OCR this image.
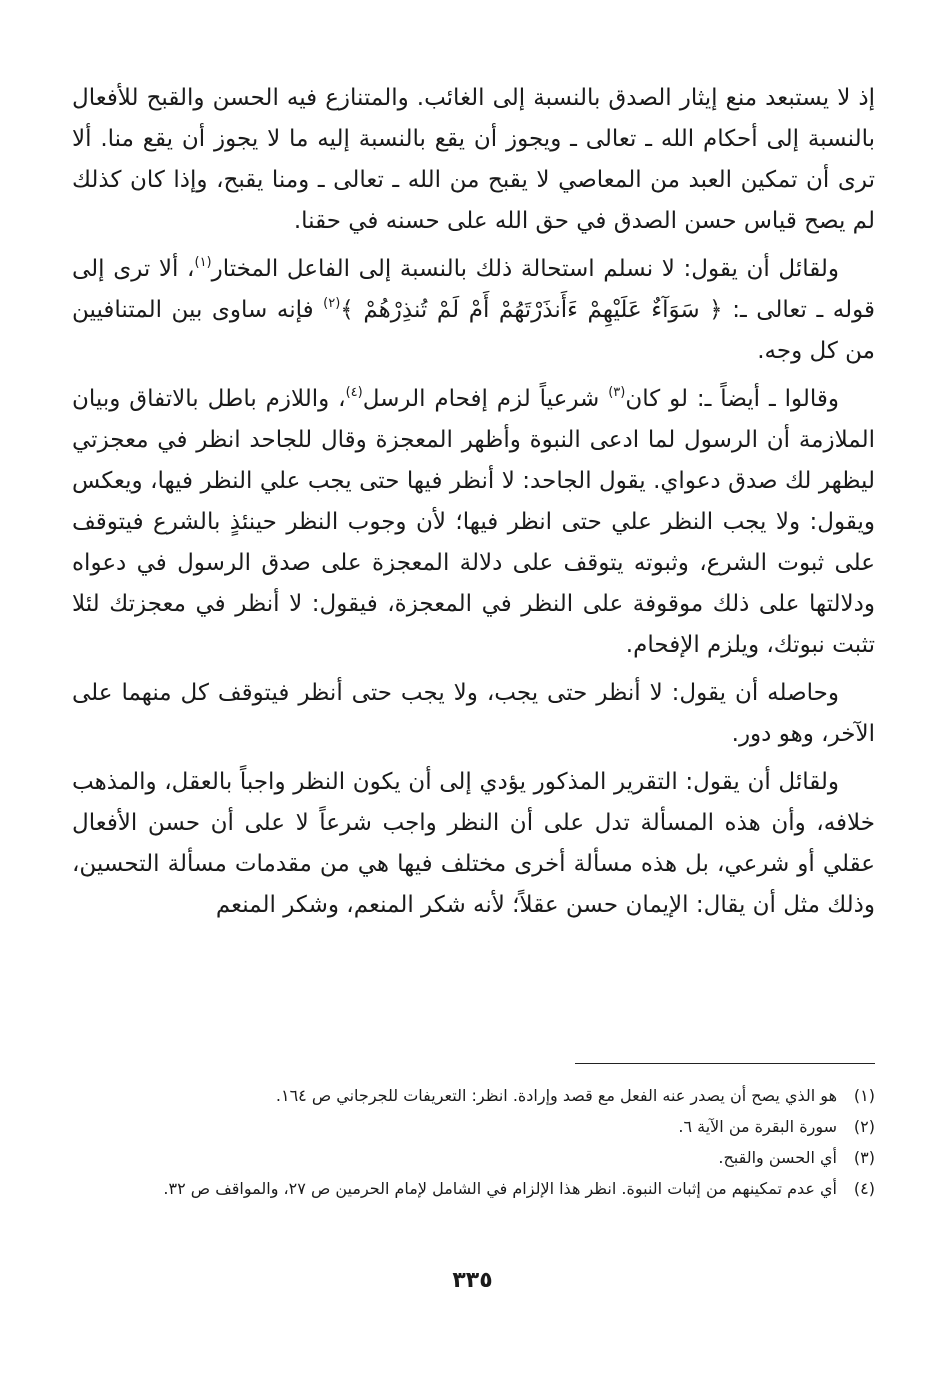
إذ لا يستبعد منع إيثار الصدق بالنسبة إلى الغائب. والمتنازع فيه الحسن والقبح للأفعال بالنسبة إلى أحكام الله ـ تعالى ـ ويجوز أن يقع بالنسبة إليه ما لا يجوز أن يقع منا. ألا ترى أن تمكين العبد من المعاصي لا يقبح من الله ـ تعالى ـ ومنا يقبح، وإذا كان كذلك لم يصح قياس حسن الصدق في حق الله على حسنه في حقنا.

ولقائل أن يقول: لا نسلم استحالة ذلك بالنسبة إلى الفاعل المختار$^{(١)}$، ألا ترى إلى قوله ـ تعالى ـ: ﴿ سَوَآءٌ عَلَيْهِمْ ءَأَنذَرْتَهُمْ أَمْ لَمْ تُنذِرْهُمْ ﴾$^{(٢)}$ فإنه ساوى بين المتنافيين من كل وجه.

وقالوا ـ أيضاً ـ: لو كان$^{(٣)}$ شرعياً لزم إفحام الرسل$^{(٤)}$، واللازم باطل بالاتفاق وبيان الملازمة أن الرسول لما ادعى النبوة وأظهر المعجزة وقال للجاحد انظر في معجزتي ليظهر لك صدق دعواي. يقول الجاحد: لا أنظر فيها حتى يجب علي النظر فيها، ويعكس ويقول: ولا يجب النظر علي حتى انظر فيها؛ لأن وجوب النظر حينئذٍ بالشرع فيتوقف على ثبوت الشرع، وثبوته يتوقف على دلالة المعجزة على صدق الرسول في دعواه ودلالتها على ذلك موقوفة على النظر في المعجزة، فيقول: لا أنظر في معجزتك لئلا تثبت نبوتك، ويلزم الإفحام.

وحاصله أن يقول: لا أنظر حتى يجب، ولا يجب حتى أنظر فيتوقف كل منهما على الآخر، وهو دور.

ولقائل أن يقول: التقرير المذكور يؤدي إلى أن يكون النظر واجباً بالعقل، والمذهب خلافه، وأن هذه المسألة تدل على أن النظر واجب شرعاً لا على أن حسن الأفعال عقلي أو شرعي، بل هذه مسألة أخرى مختلف فيها هي من مقدمات مسألة التحسين، وذلك مثل أن يقال: الإيمان حسن عقلاً؛ لأنه شكر المنعم، وشكر المنعم

(١)
هو الذي يصح أن يصدر عنه الفعل مع قصد وإرادة. انظر: التعريفات للجرجاني ص ١٦٤.
(٢)
سورة البقرة من الآية ٦.
(٣)
أي الحسن والقبح.
(٤)
أي عدم تمكينهم من إثبات النبوة. انظر هذا الإلزام في الشامل لإمام الحرمين ص ٢٧، والمواقف ص ٣٢.
٣٣٥
